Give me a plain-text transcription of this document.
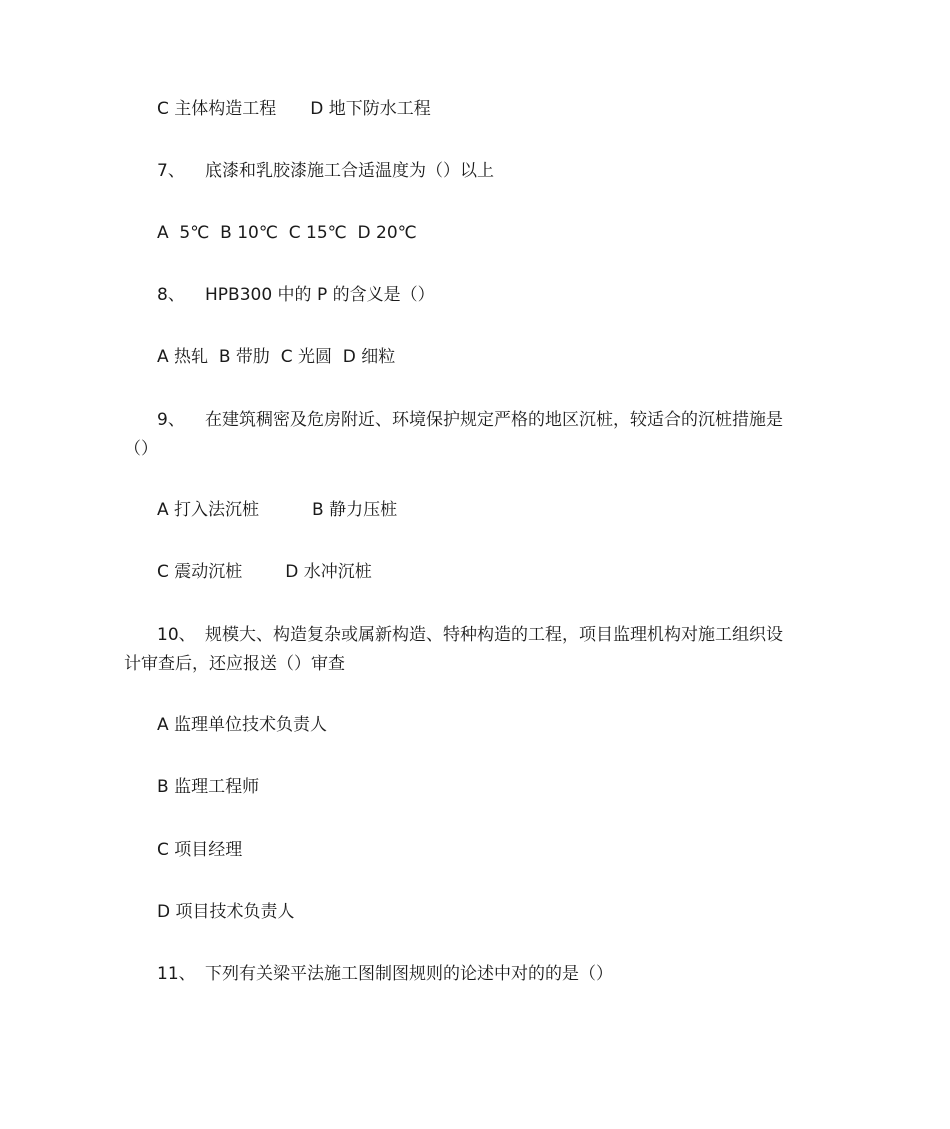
C 主体构造工程 D 地下防水工程
7、 底漆和乳胶漆施工合适温度为（）以上
A  5℃  B 10℃  C 15℃  D 20℃
8、 HPB300 中的 P 的含义是（）
A 热轧  B 带肋  C 光圆  D 细粒
9、 在建筑稠密及危房附近、环境保护规定严格的地区沉桩，较适合的沉桩措施是
（）
A 打入法沉桩	B 静力压桩
C 震动沉桩	D 水冲沉桩
10、 规模大、构造复杂或属新构造、特种构造的工程，项目监理机构对施工组织设
计审查后，还应报送（）审查
A 监理单位技术负责人
B 监理工程师
C 项目经理
D 项目技术负责人
11、 下列有关梁平法施工图制图规则的论述中对的的是（）
